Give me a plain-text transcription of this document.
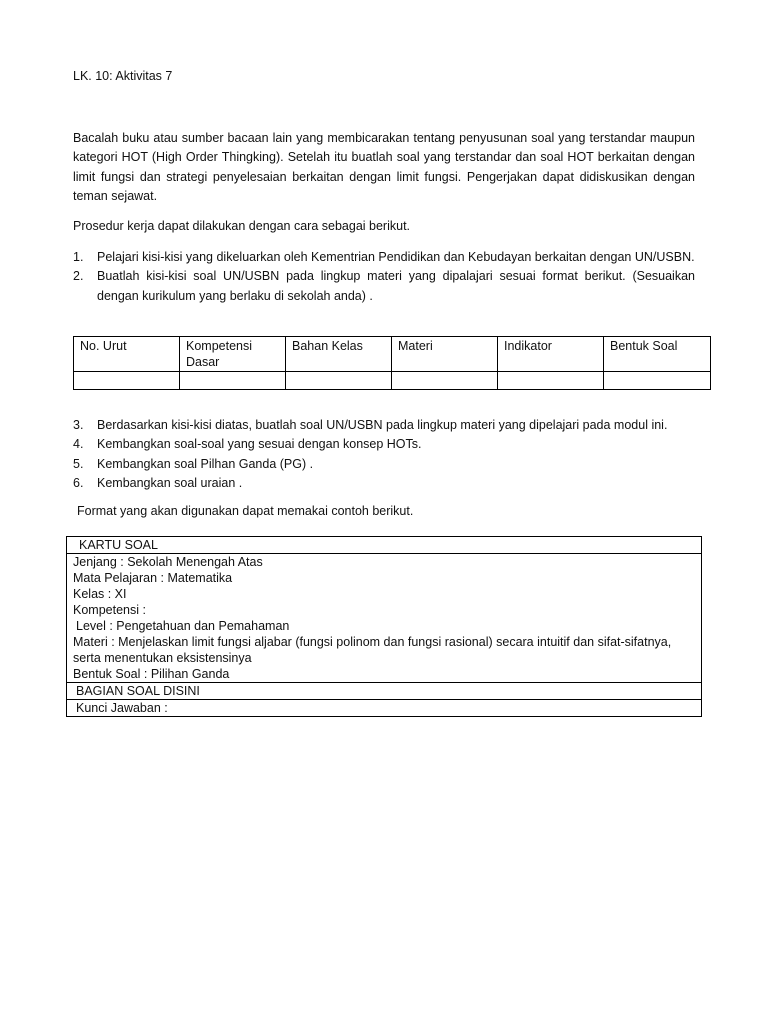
LK. 10: Aktivitas 7
Bacalah buku atau sumber bacaan lain yang membicarakan tentang penyusunan soal yang terstandar maupun kategori HOT (High Order Thingking). Setelah itu buatlah soal yang terstandar dan soal HOT berkaitan dengan limit fungsi dan strategi penyelesaian berkaitan dengan limit fungsi. Pengerjakan dapat didiskusikan dengan teman sejawat.
Prosedur kerja dapat dilakukan dengan cara sebagai berikut.
1. Pelajari kisi-kisi yang dikeluarkan oleh Kementrian Pendidikan dan Kebudayan berkaitan dengan UN/USBN.
2. Buatlah kisi-kisi soal UN/USBN pada lingkup materi yang dipalajari sesuai format berikut. (Sesuaikan dengan kurikulum yang berlaku di sekolah anda) .
No. Urut	Kompetensi Dasar	Bahan Kelas	Materi	Indikator	Bentuk Soal

3. Berdasarkan kisi-kisi diatas, buatlah soal UN/USBN pada lingkup materi yang dipelajari pada modul ini.
4. Kembangkan soal-soal yang sesuai dengan konsep HOTs.
5. Kembangkan soal Pilhan Ganda (PG) .
6. Kembangkan soal uraian .
Format yang akan digunakan dapat memakai contoh berikut.
KARTU SOAL

Jenjang : Sekolah Menengah Atas
Mata Pelajaran : Matematika
Kelas : XI
Kompetensi :
Level : Pengetahuan dan Pemahaman
Materi : Menjelaskan limit fungsi aljabar (fungsi polinom dan fungsi rasional) secara intuitif dan sifat-sifatnya, serta menentukan eksistensinya
Bentuk Soal : Pilihan Ganda

BAGIAN SOAL DISINI
Kunci Jawaban :
